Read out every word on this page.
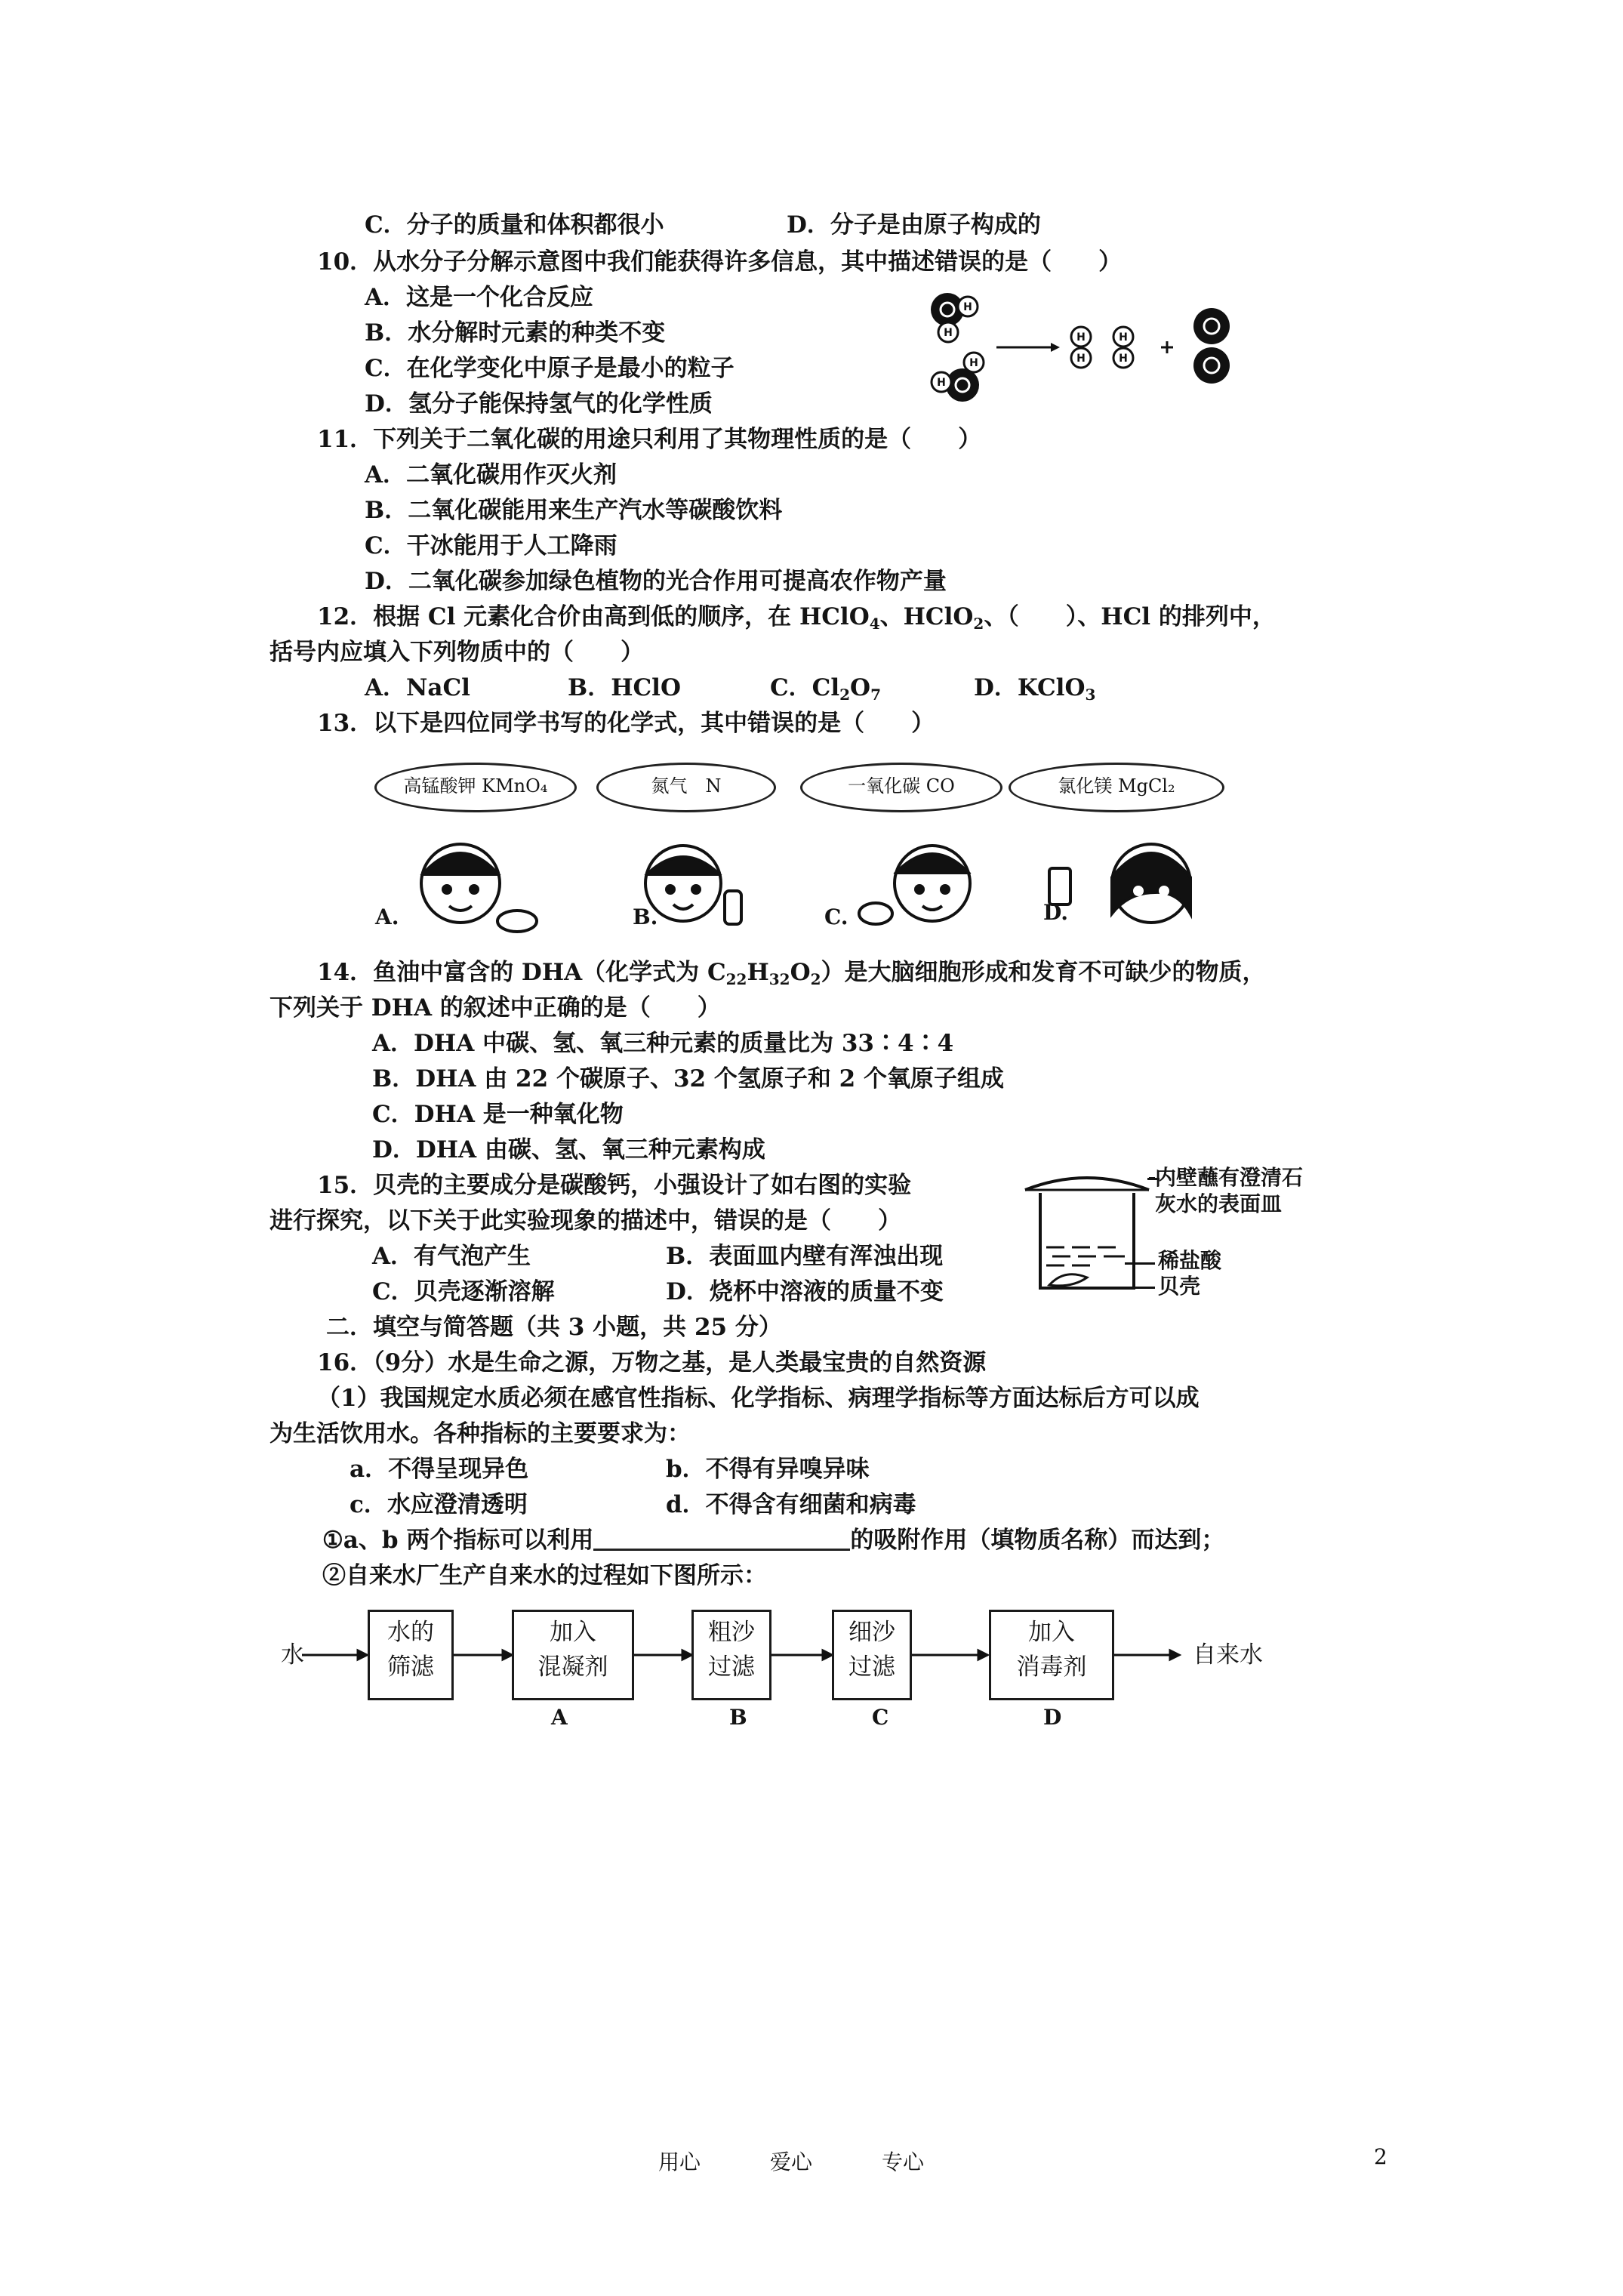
C．分子的质量和体积都很小	D．分子是由原子构成的
10．从水分子分解示意图中我们能获得许多信息，其中描述错误的是（　　）
A．这是一个化合反应
B．水分解时元素的种类不变
C．在化学变化中原子是最小的粒子
D．氢分子能保持氢气的化学性质
H
H
H
H
H
H
H
H
11．下列关于二氧化碳的用途只利用了其物理性质的是（　　）
A．二氧化碳用作灭火剂
B．二氧化碳能用来生产汽水等碳酸饮料
C．干冰能用于人工降雨
D．二氧化碳参加绿色植物的光合作用可提高农作物产量
12．根据 Cl 元素化合价由高到低的顺序，在 HClO$_4$、HClO$_2$、（　　）、HCl 的排列中，
括号内应填入下列物质中的（　　）
A．NaCl	B．HClO	C．$Cl_2O_7$	D．KClO$_3$
13．以下是四位同学书写的化学式，其中错误的是（　　）
高锰酸钾 KMnO₄	氮气　N	一氧化碳 CO	氯化镁 MgCl₂
A.	B.	C.	D.
14．鱼油中富含的 DHA（化学式为 $C_{22}H_{32}O_2$）是大脑细胞形成和发育不可缺少的物质，
下列关于 DHA 的叙述中正确的是（　　）
A．DHA 中碳、氢、氧三种元素的质量比为 33∶4∶4
B．DHA 由 22 个碳原子、32 个氢原子和 2 个氧原子组成
C．DHA 是一种氧化物
D．DHA 由碳、氢、氧三种元素构成
15．贝壳的主要成分是碳酸钙，小强设计了如右图的实验
进行探究，以下关于此实验现象的描述中，错误的是（　　）
A．有气泡产生	B．表面皿内壁有浑浊出现
C．贝壳逐渐溶解	D．烧杯中溶液的质量不变
内壁蘸有澄清石
灰水的表面皿
稀盐酸
贝壳
二．填空与简答题（共 3 小题，共 25 分）
16．（9分）水是生命之源，万物之基，是人类最宝贵的自然资源
（1）我国规定水质必须在感官性指标、化学指标、病理学指标等方面达标后方可以成
为生活饮用水。各种指标的主要要求为：
a．不得呈现异色	b．不得有异嗅异味
c．水应澄清透明	d．不得含有细菌和病毒
①a、b 两个指标可以利用	的吸附作用（填物质名称）而达到；
②自来水厂生产自来水的过程如下图所示：
水
水的
筛滤
加入
混凝剂
粗沙
过滤
细沙
过滤
加入
消毒剂	自来水
A	B	C	D
用心	爱心	专心	2
